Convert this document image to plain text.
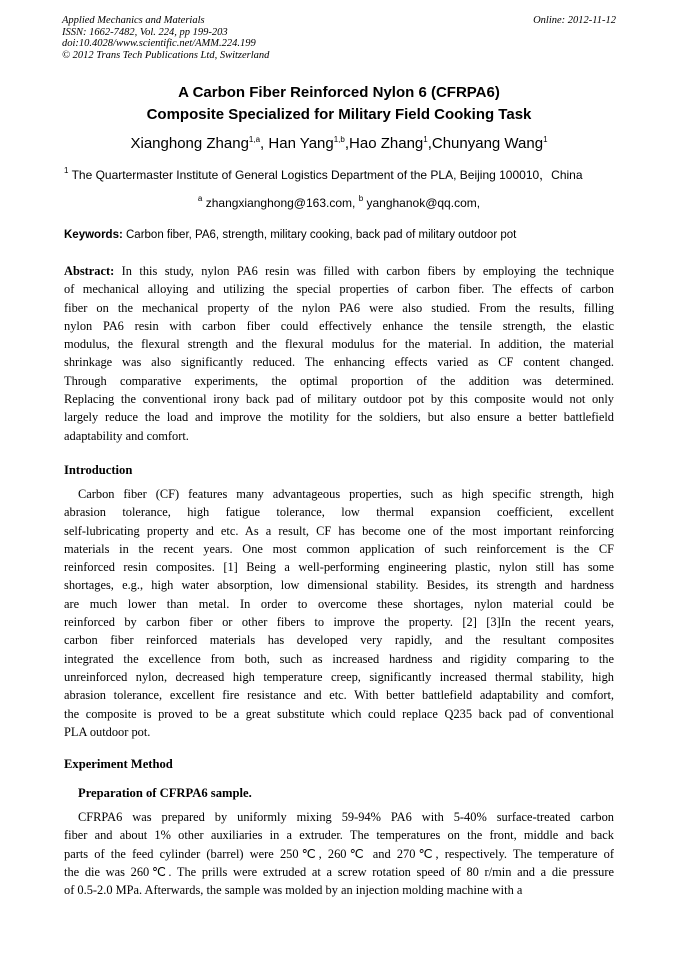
Applied Mechanics and Materials
ISSN: 1662-7482, Vol. 224, pp 199-203
doi:10.4028/www.scientific.net/AMM.224.199
© 2012 Trans Tech Publications Ltd, Switzerland
Online: 2012-11-12
A Carbon Fiber Reinforced Nylon 6 (CFRPA6)
Composite Specialized for Military Field Cooking Task
Xianghong Zhang$^{1,a}$, Han Yang$^{1,b}$,Hao Zhang$^1$,Chunyang Wang$^1$
$^1$ The Quartermaster Institute of General Logistics Department of the PLA, Beijing 100010，China
$^a$ zhangxianghong@163.com, $^b$ yanghanok@qq.com,
Keywords: Carbon fiber, PA6, strength, military cooking, back pad of military outdoor pot
Abstract: In this study, nylon PA6 resin was filled with carbon fibers by employing the technique
of mechanical alloying and utilizing the special properties of carbon fiber. The effects of carbon
fiber on the mechanical property of the nylon PA6 were also studied. From the results, filling
nylon PA6 resin with carbon fiber could effectively enhance the tensile strength, the elastic
modulus, the flexural strength and the flexural modulus for the material. In addition, the material
shrinkage was also significantly reduced. The enhancing effects varied as CF content changed.
Through comparative experiments, the optimal proportion of the addition was determined.
Replacing the conventional irony back pad of military outdoor pot by this composite would not only
largely reduce the load and improve the motility for the soldiers, but also ensure a better battlefield
adaptability and comfort.
Introduction
Carbon fiber (CF) features many advantageous properties, such as high specific strength, high
abrasion tolerance, high fatigue tolerance, low thermal expansion coefficient, excellent
self-lubricating property and etc. As a result, CF has become one of the most important reinforcing
materials in the recent years. One most common application of such reinforcement is the CF
reinforced resin composites. [1] Being a well-performing engineering plastic, nylon still has some
shortages, e.g., high water absorption, low dimensional stability. Besides, its strength and hardness
are much lower than metal. In order to overcome these shortages, nylon material could be
reinforced by carbon fiber or other fibers to improve the property. [2] [3]In the recent years,
carbon fiber reinforced materials has developed very rapidly, and the resultant composites
integrated the excellence from both, such as increased hardness and rigidity comparing to the
unreinforced nylon, decreased high temperature creep, significantly increased thermal stability, high
abrasion tolerance, excellent fire resistance and etc. With better battlefield adaptability and comfort,
the composite is proved to be a great substitute which could replace Q235 back pad of conventional
PLA outdoor pot.
Experiment Method
Preparation of CFRPA6 sample.
CFRPA6 was prepared by uniformly mixing 59-94% PA6 with 5-40% surface-treated carbon
fiber and about 1% other auxiliaries in a extruder. The temperatures on the front, middle and back
parts of the feed cylinder (barrel) were 250℃, 260℃ and 270℃, respectively. The temperature of
the die was 260℃. The prills were extruded at a screw rotation speed of 80 r/min and a die pressure
of 0.5-2.0 MPa. Afterwards, the sample was molded by an injection molding machine with a
